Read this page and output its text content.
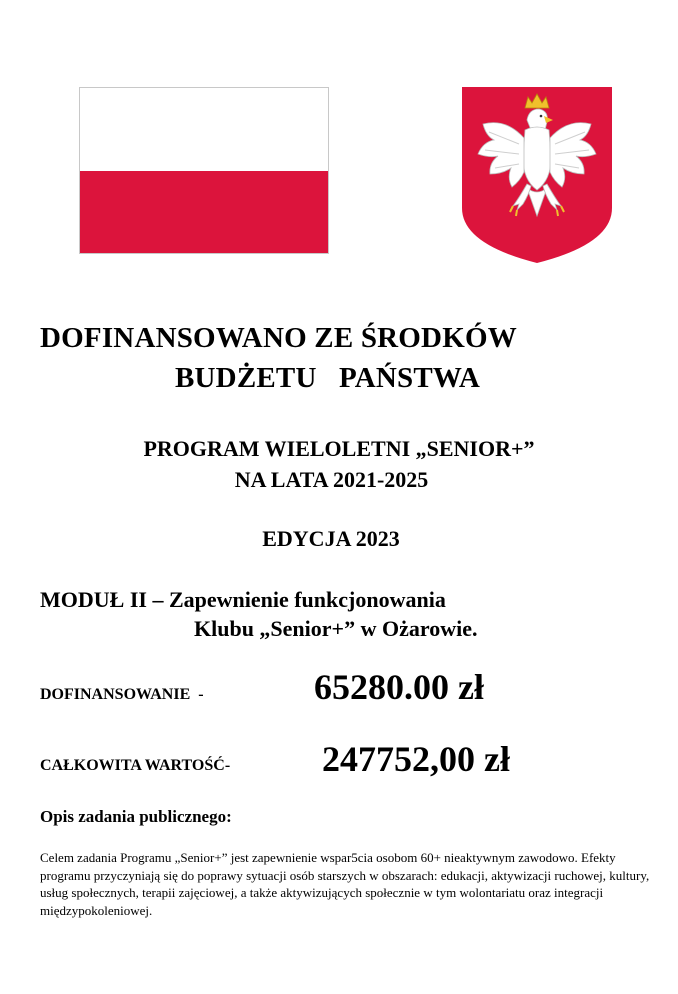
DOFINANSOWANO ZE ŚRODKÓW
BUDŻETU   PAŃSTWA
PROGRAM WIELOLETNI „SENIOR+”
NA LATA 2021-2025
EDYCJA 2023
MODUŁ II – Zapewnienie funkcjonowania
Klubu „Senior+” w Ożarowie.
DOFINANSOWANIE  -	65280.00 zł
CAŁKOWITA WARTOŚĆ-	247752,00 zł
Opis zadania publicznego:
Celem zadania Programu „Senior+” jest zapewnienie wspar5cia osobom 60+ nieaktywnym zawodowo. Efekty programu przyczyniają się do poprawy sytuacji osób starszych w obszarach: edukacji, aktywizacji ruchowej, kultury, usług społecznych, terapii zajęciowej, a także aktywizujących społecznie w tym wolontariatu oraz integracji międzypokoleniowej.
